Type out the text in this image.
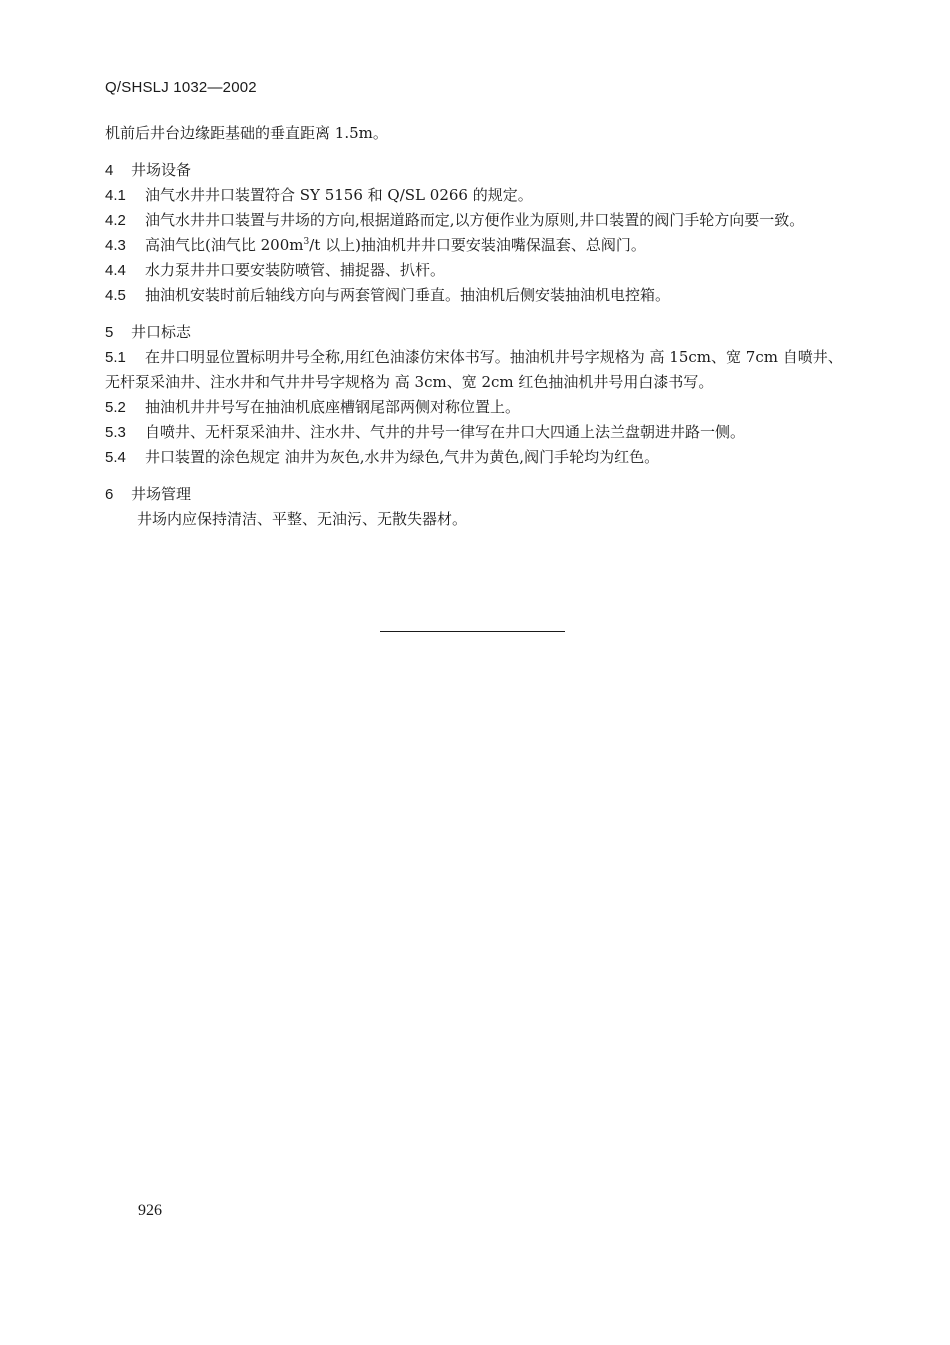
Q/SHSLJ 1032—2002

机前后井台边缘距基础的垂直距离 1.5m。

4 井场设备

4.1 油气水井井口装置符合 SY 5156 和 Q/SL 0266 的规定。

4.2 油气水井井口装置与井场的方向,根据道路而定,以方便作业为原则,井口装置的阀门手轮方向要一致。

4.3 高油气比(油气比 $200m^3/t$ 以上)抽油机井井口要安装油嘴保温套、总阀门。

4.4 水力泵井井口要安装防喷管、捕捉器、扒杆。

4.5 抽油机安装时前后轴线方向与两套管阀门垂直。抽油机后侧安装抽油机电控箱。

5 井口标志

5.1 在井口明显位置标明井号全称,用红色油漆仿宋体书写。抽油机井号字规格为 高 15cm、宽 7cm 自喷井、无杆泵采油井、注水井和气井井号字规格为 高 3cm、宽 2cm 红色抽油机井号用白漆书写。

5.2 抽油机井井号写在抽油机底座槽钢尾部两侧对称位置上。

5.3 自喷井、无杆泵采油井、注水井、气井的井号一律写在井口大四通上法兰盘朝进井路一侧。

5.4 井口装置的涂色规定 油井为灰色,水井为绿色,气井为黄色,阀门手轮均为红色。

6 井场管理

井场内应保持清洁、平整、无油污、无散失器材。

926
